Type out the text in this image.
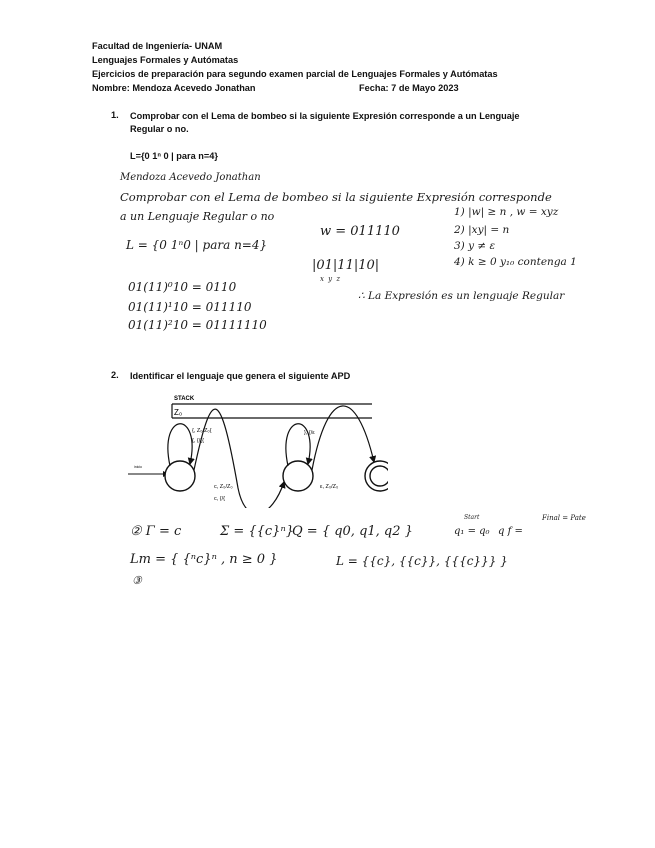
Facultad de Ingeniería- UNAM
Lenguajes Formales y Autómatas
Ejercicios de preparación para segundo examen parcial de Lenguajes Formales y Autómatas
Nombre: Mendoza Acevedo Jonathan	Fecha: 7 de Mayo 2023
1. Comprobar con el Lema de bombeo si la siguiente Expresión corresponde a un Lenguaje
Regular o no.
L={0 1ⁿ 0 | para n=4}
Mendoza Acevedo Jonathan
Comprobar con el Lema de bombeo si la siguiente Expresión corresponde
a un Lenguaje Regular o no	1) |w| ≥ n , w = xyz
2) |xy| = n
3) y ≠ ε
4) k ≥ 0 y₁₀ contenga 1
L = {0 1ⁿ0 | para n=4}
w = 011110
|01|11|10|
x y z
∴ La Expresión es un lenguaje Regular
01(11)⁰10 = 0110
01(11)¹10 = 011110
01(11)²10 = 01111110
2. Identificar el lenguaje que genera el siguiente APD
STACK
Z₀
inicio
{, Z₀/Z₀{
{, {/{{
c, Z₀/Z₀
c, {/{
}, {/ε
ε, Z₀/Z₀
② Γ = c	Σ = {{c}ⁿ}
Q = { q0, q1, q2 }
Start
q₁ = q₀ q f =
Final = Pate
Lm = { {ⁿc}ⁿ , n ≥ 0 }	L = {{c}, {{c}}, {{{c}}} }
③
